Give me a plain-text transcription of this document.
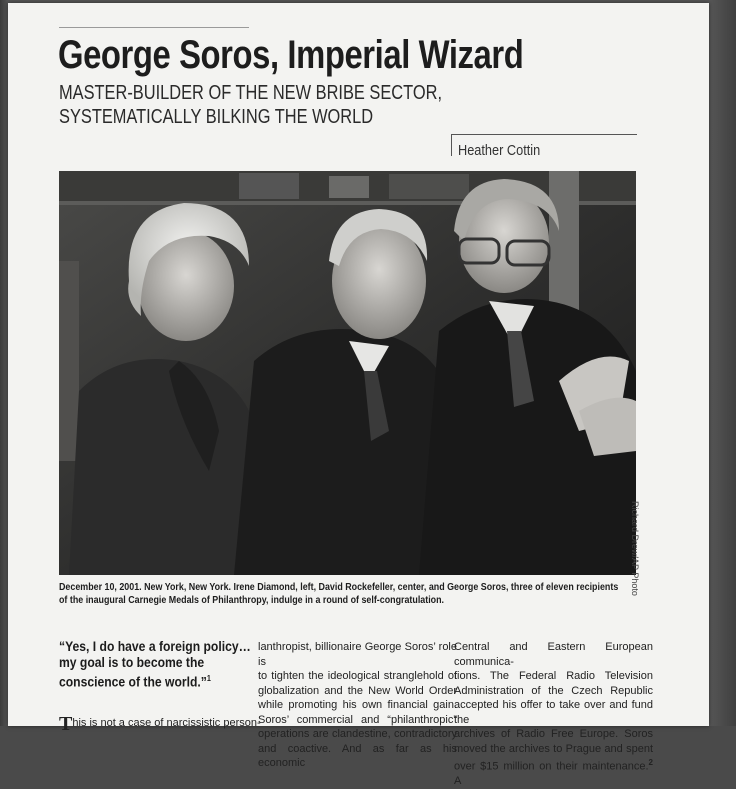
George Soros, Imperial Wizard
MASTER-BUILDER OF THE NEW BRIBE SECTOR,
SYSTEMATICALLY BILKING THE WORLD
Heather Cottin
Richard Drew/AP Photo
December 10, 2001. New York, New York. Irene Diamond, left, David Rockefeller, center, and George Soros, three of eleven recipients of the inaugural Carnegie Medals of Philanthropy, indulge in a round of self-congratulation.
“Yes, I do have a foreign policy…my goal is to become the conscience of the world.”$^1$
This is not a case of narcissistic person-
lanthropist, billionaire George Soros’ role is
to tighten the ideological stranglehold of
globalization and the New World Order
while promoting his own financial gain.
Soros’ commercial and “philanthropic”
operations are clandestine, contradictory
and coactive. And as far as his economic
Central and Eastern European communica-
tions. The Federal Radio Television
Administration of the Czech Republic
accepted his offer to take over and fund the
archives of Radio Free Europe. Soros
moved the archives to Prague and spent
over $15 million on their maintenance.$^2$ A
